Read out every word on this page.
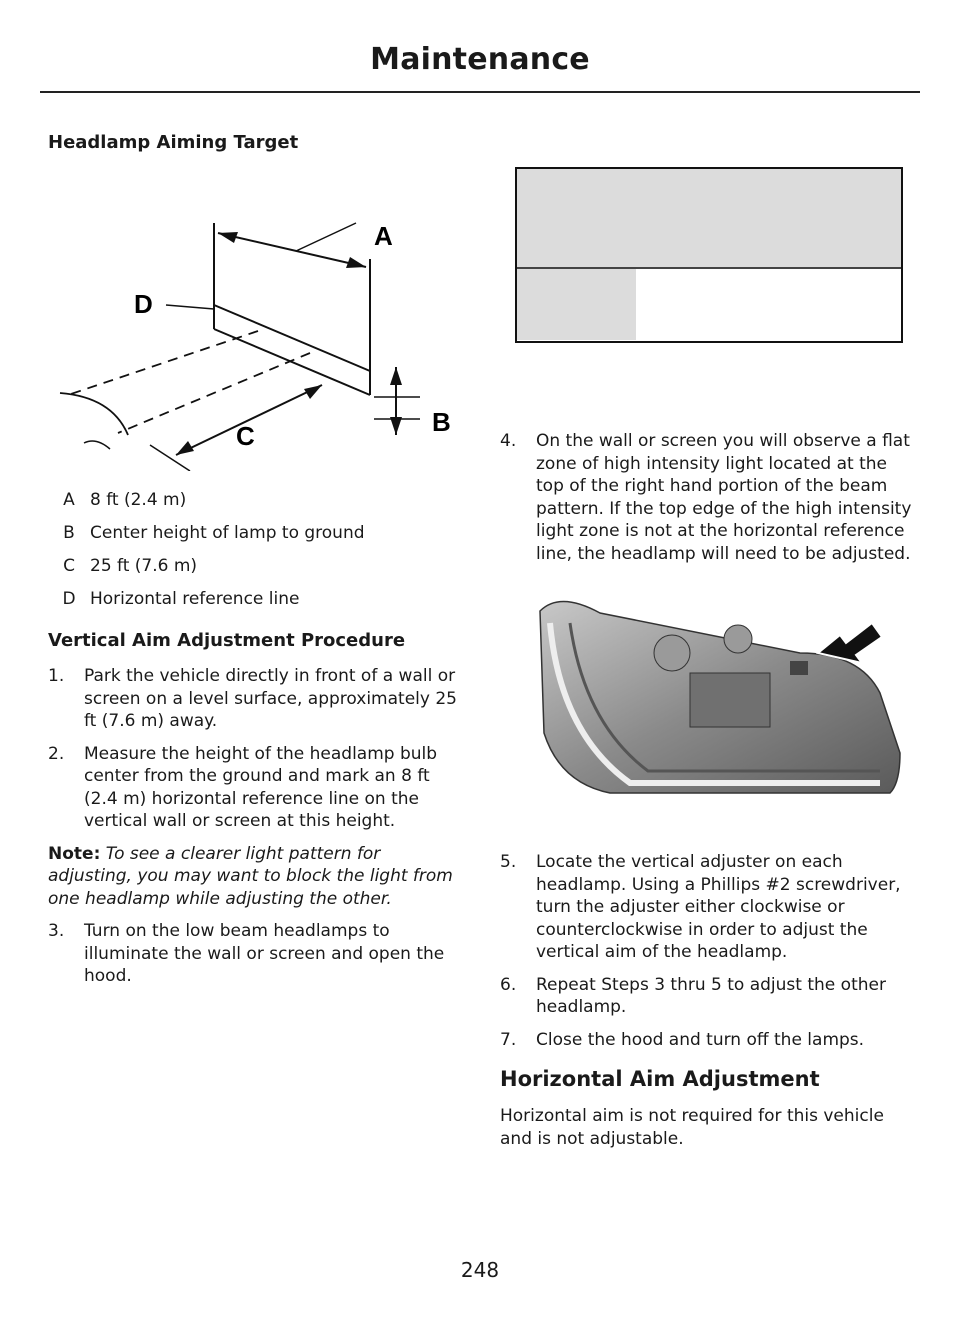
Maintenance
Headlamp Aiming Target
A
B
C
D
A 8 ft (2.4 m)
B Center height of lamp to ground
C 25 ft (7.6 m)
D Horizontal reference line
Vertical Aim Adjustment Procedure
1.	Park the vehicle directly in front of a wall or screen on a level surface, approximately 25 ft (7.6 m) away.
2.	Measure the height of the headlamp bulb center from the ground and mark an 8 ft (2.4 m) horizontal reference line on the vertical wall or screen at this height.

Note: To see a clearer light pattern for adjusting, you may want to block the light from one headlamp while adjusting the other.

3.	Turn on the low beam headlamps to illuminate the wall or screen and open the hood.
4.	On the wall or screen you will observe a flat zone of high intensity light located at the top of the right hand portion of the beam pattern. If the top edge of the high intensity light zone is not at the horizontal reference line, the headlamp will need to be adjusted.
5.	Locate the vertical adjuster on each headlamp. Using a Phillips #2 screwdriver, turn the adjuster either clockwise or counterclockwise in order to adjust the vertical aim of the headlamp.
6.	Repeat Steps 3 thru 5 to adjust the other headlamp.
7.	Close the hood and turn off the lamps.
Horizontal Aim Adjustment

Horizontal aim is not required for this vehicle and is not adjustable.

248
